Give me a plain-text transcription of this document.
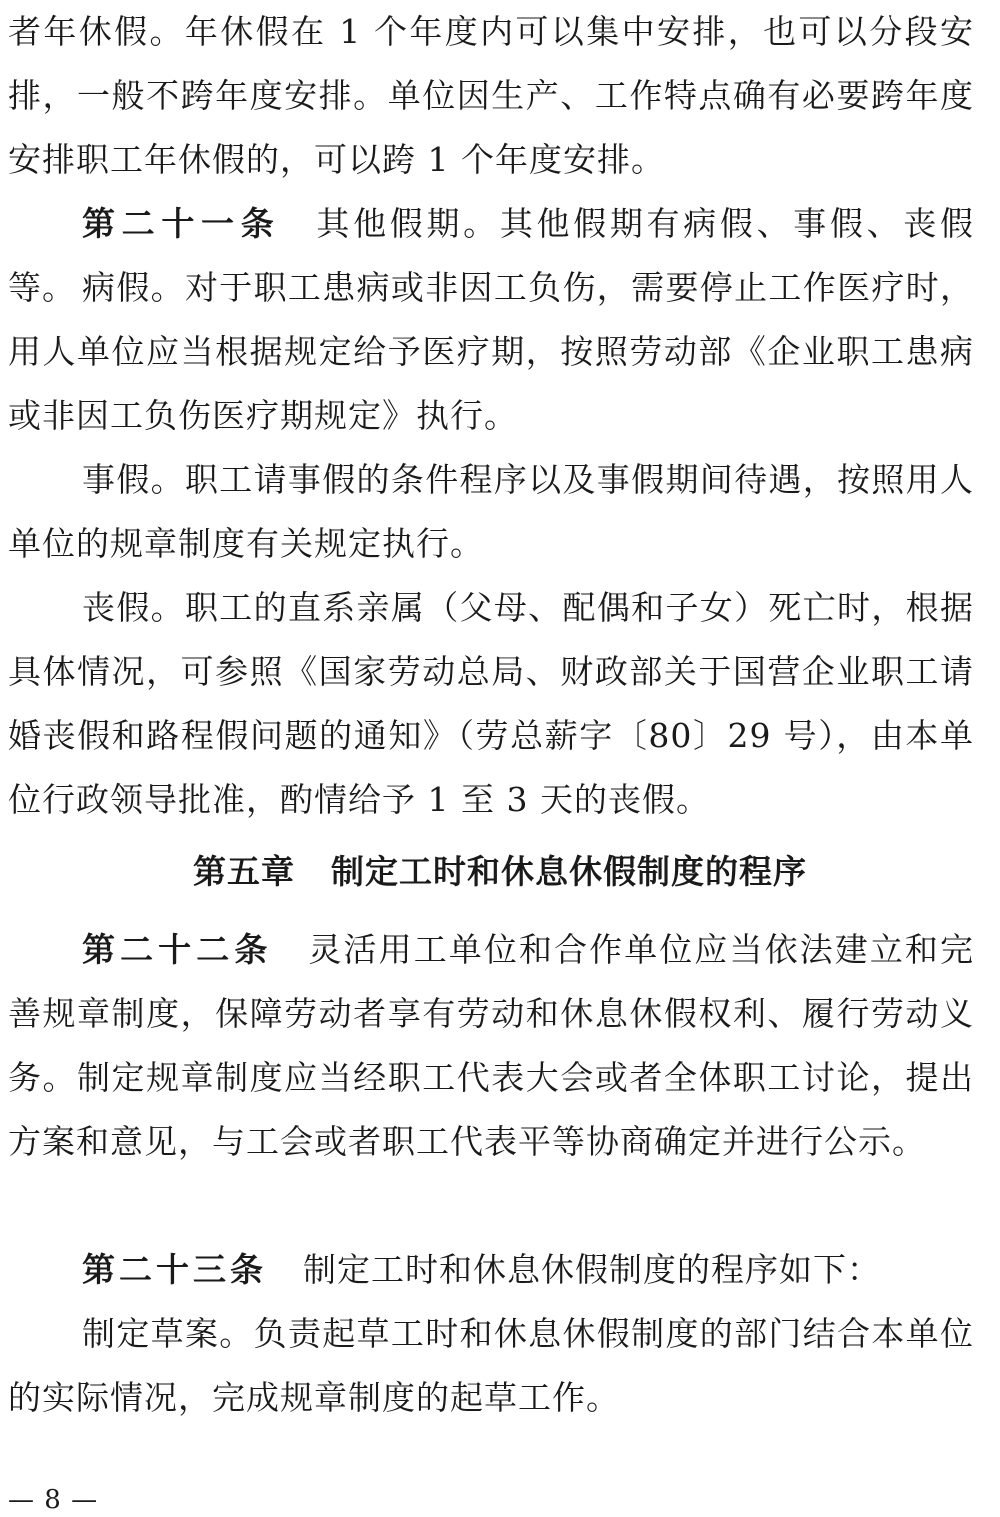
者年休假。年休假在 1 个年度内可以集中安排，也可以分段安排，一般不跨年度安排。单位因生产、工作特点确有必要跨年度安排职工年休假的，可以跨 1 个年度安排。

第二十一条 其他假期。其他假期有病假、事假、丧假等。 病假。对于职工患病或非因工负伤，需要停止工作医疗时，用人单位应当根据规定给予医疗期，按照劳动部《企业职工患病或非因工负伤医疗期规定》执行。

事假。职工请事假的条件程序以及事假期间待遇，按照用人单位的规章制度有关规定执行。

丧假。职工的直系亲属（父母、配偶和子女）死亡时，根据具体情况，可参照《国家劳动总局、财政部关于国营企业职工请婚丧假和路程假问题的通知》（劳总薪字〔80〕29 号），由本单位行政领导批准，酌情给予 1 至 3 天的丧假。

第五章 制定工时和休息休假制度的程序

第二十二条 灵活用工单位和合作单位应当依法建立和完善规章制度，保障劳动者享有劳动和休息休假权利、履行劳动义务。制定规章制度应当经职工代表大会或者全体职工讨论，提出方案和意见，与工会或者职工代表平等协商确定并进行公示。

第二十三条 制定工时和休息休假制度的程序如下：

制定草案。负责起草工时和休息休假制度的部门结合本单位的实际情况，完成规章制度的起草工作。

— 8 —
